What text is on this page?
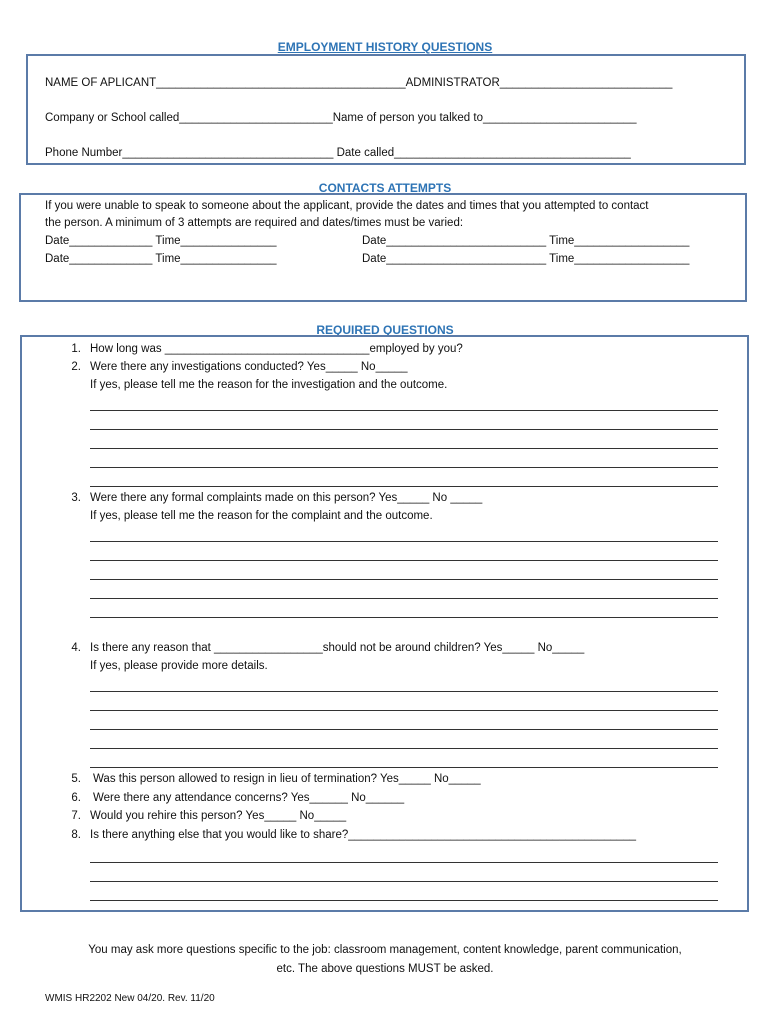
EMPLOYMENT HISTORY QUESTIONS
NAME OF APLICANT_______________________________________ADMINISTRATOR___________________________
Company or School called________________________Name of person you talked to________________________
Phone Number_________________________________ Date called_____________________________________
CONTACTS ATTEMPTS
If you were unable to speak to someone about the applicant, provide the dates and times that you attempted to contact
the person. A minimum of 3 attempts are required and dates/times must be varied:
Date_____________ Time_______________	Date_________________________ Time__________________
Date_____________ Time_______________	Date_________________________ Time__________________
REQUIRED QUESTIONS
1. How long was ________________________________employed by you?
2. Were there any investigations conducted? Yes_____ No_____
If yes, please tell me the reason for the investigation and the outcome.
3. Were there any formal complaints made on this person? Yes_____ No _____
If yes, please tell me the reason for the complaint and the outcome.
4. Is there any reason that _________________should not be around children? Yes_____ No_____
If yes, please provide more details.
5. Was this person allowed to resign in lieu of termination? Yes_____ No_____
6. Were there any attendance concerns? Yes______ No______
7. Would you rehire this person? Yes_____ No_____
8. Is there anything else that you would like to share?_____________________________________________
You may ask more questions specific to the job: classroom management, content knowledge, parent communication,
etc. The above questions MUST be asked.
WMIS HR2202 New 04/20. Rev. 11/20
